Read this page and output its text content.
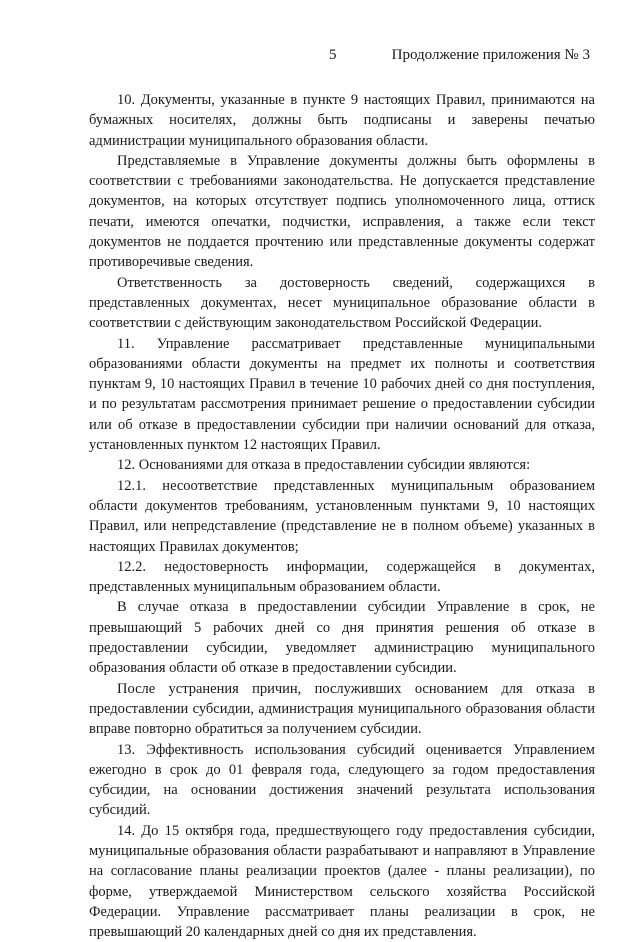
5	Продолжение приложения № 3

10. Документы, указанные в пункте 9 настоящих Правил, принимаются на бумажных носителях, должны быть подписаны и заверены печатью администрации муниципального образования области.

Представляемые в Управление документы должны быть оформлены в соответствии с требованиями законодательства. Не допускается представление документов, на которых отсутствует подпись уполномоченного лица, оттиск печати, имеются опечатки, подчистки, исправления, а также если текст документов не поддается прочтению или представленные документы содержат противоречивые сведения.

Ответственность за достоверность сведений, содержащихся в представленных документах, несет муниципальное образование области в соответствии с действующим законодательством Российской Федерации.

11. Управление рассматривает представленные муниципальными образованиями области документы на предмет их полноты и соответствия пунктам 9, 10 настоящих Правил в течение 10 рабочих дней со дня поступления, и по результатам рассмотрения принимает решение о предоставлении субсидии или об отказе в предоставлении субсидии при наличии оснований для отказа, установленных пунктом 12 настоящих Правил.

12. Основаниями для отказа в предоставлении субсидии являются:

12.1. несоответствие представленных муниципальным образованием области документов требованиям, установленным пунктами 9, 10 настоящих Правил, или непредставление (представление не в полном объеме) указанных в настоящих Правилах документов;

12.2. недостоверность информации, содержащейся в документах, представленных муниципальным образованием области.

В случае отказа в предоставлении субсидии Управление в срок, не превышающий 5 рабочих дней со дня принятия решения об отказе в предоставлении субсидии, уведомляет администрацию муниципального образования области об отказе в предоставлении субсидии.

После устранения причин, послуживших основанием для отказа в предоставлении субсидии, администрация муниципального образования области вправе повторно обратиться за получением субсидии.

13. Эффективность использования субсидий оценивается Управлением ежегодно в срок до 01 февраля года, следующего за годом предоставления субсидии, на основании достижения значений результата использования субсидий.

14. До 15 октября года, предшествующего году предоставления субсидии, муниципальные образования области разрабатывают и направляют в Управление на согласование планы реализации проектов (далее - планы реализации), по форме, утверждаемой Министерством сельского хозяйства Российской Федерации. Управление рассматривает планы реализации в срок, не превышающий 20 календарных дней со дня их представления.
